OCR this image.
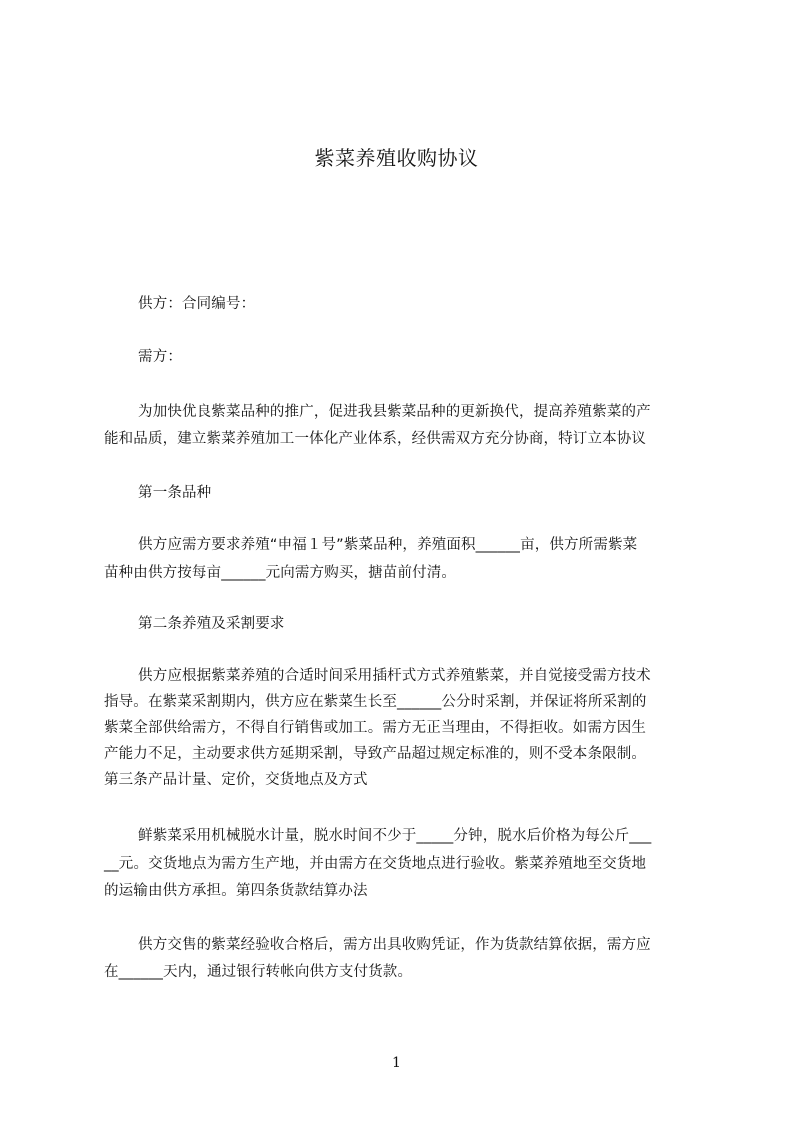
紫菜养殖收购协议
　　 供方：合同编号：
　　 需方：
　　 为加快优良紫菜品种的推广，促进我县紫菜品种的更新换代，提高养殖紫菜的产
能和品质，建立紫菜养殖加工一体化产业体系，经供需双方充分协商，特订立本协议
　　 第一条品种
　　 供方应需方要求养殖“申福１号”紫菜品种，养殖面积______亩，供方所需紫菜
苗种由供方按每亩______元向需方购买，搪苗前付清。
　　 第二条养殖及采割要求
　　 供方应根据紫菜养殖的合适时间采用插杆式方式养殖紫菜，并自觉接受需方技术
指导。在紫菜采割期内，供方应在紫菜生长至______公分时采割，并保证将所采割的
紫菜全部供给需方，不得自行销售或加工。需方无正当理由，不得拒收。如需方因生
产能力不足，主动要求供方延期采割，导致产品超过规定标准的，则不受本条限制。
第三条产品计量、定价，交货地点及方式
　　 鲜紫菜采用机械脱水计量，脱水时间不少于_____分钟，脱水后价格为每公斤___
__元。交货地点为需方生产地，并由需方在交货地点进行验收。紫菜养殖地至交货地
的运输由供方承担。第四条货款结算办法
　　 供方交售的紫菜经验收合格后，需方出具收购凭证，作为货款结算依据，需方应
在______天内，通过银行转帐向供方支付货款。
1
